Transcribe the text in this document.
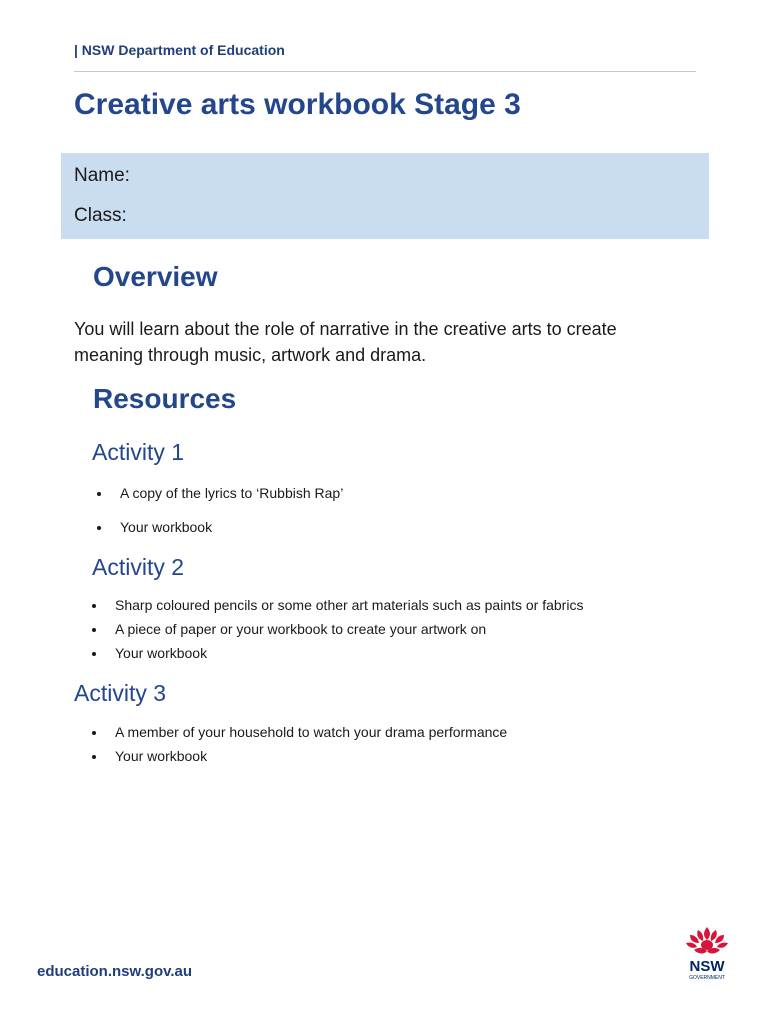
| NSW Department of Education
Creative arts workbook Stage 3
Name:
Class:
Overview

You will learn about the role of narrative in the creative arts to create meaning through music, artwork and drama.

Resources
Activity 1
A copy of the lyrics to ‘Rubbish Rap’
Your workbook
Activity 2
Sharp coloured pencils or some other art materials such as paints or fabrics
A piece of paper or your workbook to create your artwork on
Your workbook
Activity 3
A member of your household to watch your drama performance
Your workbook
education.nsw.gov.au	NSW
GOVERNMENT
